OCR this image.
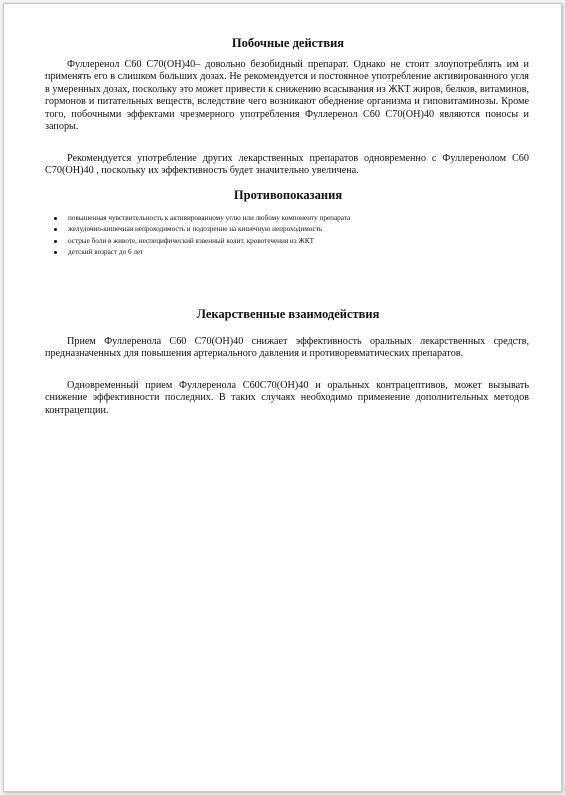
Побочные действия

Фуллеренол C60 C70(OH)40– довольно безобидный препарат. Однако не стоит злоупотреблять им и применять его в слишком больших дозах. Не рекомендуется и постоянное употребление активированного угля в умеренных дозах, поскольку это может привести к снижению всасывания из ЖКТ жиров, белков, витаминов, гормонов и питательных веществ, вследствие чего возникают обеднение организма и гиповитаминозы. Кроме того, побочными эффектами чрезмерного употребления Фуллеренол C60 C70(OH)40 являются поносы и запоры.

Рекомендуется употребление других лекарственных препаратов одновременно с Фуллеренолом C60 C70(OH)40 , поскольку их эффективность будет значительно увеличена.

Противопоказания
повышенная чувствительность к активированному углю или любому компоненту препарата
желудочно-кишечная непроходимость и подозрение на кишечную непроходимость
острые боли в животе, неспецифический язвенный колит, кровотечения из ЖКТ
детский возраст до 6 лет
Лекарственные взаимодействия

Прием Фуллеренола C60 C70(OH)40 снижает эффективность оральных лекарственных средств, предназначенных для повышения артериального давления и противоревматических препаратов.

Одновременный прием Фуллеренола C60C70(OH)40 и оральных контрацептивов, может вызывать снижение эффективности последних. В таких случаях необходимо применение дополнительных методов контрацепции.
